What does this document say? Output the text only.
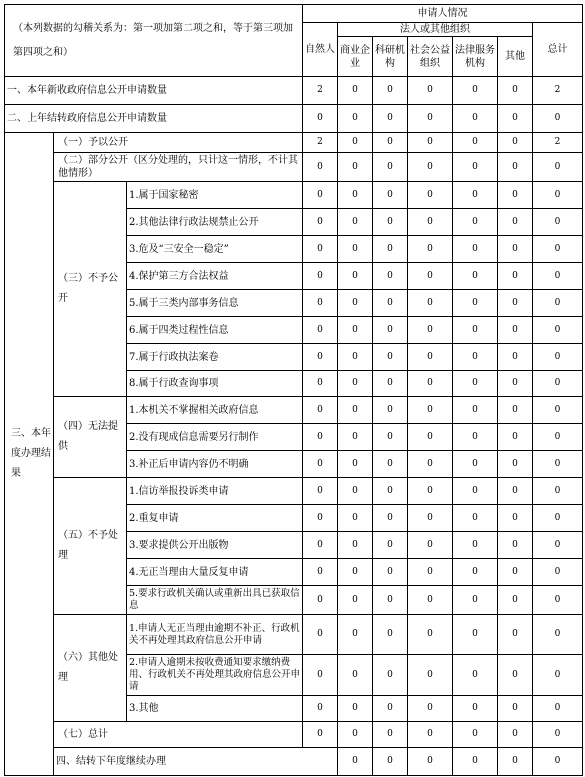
（本列数据的勾稽关系为：第一项加第二项之和，等于第三项加第四项之和）			申请人情况							
			自然人	法人或其他组织					总计	
				商业企业	科研机构	社会公益组织	法律服务机构	其他		
一、本年新收政府信息公开申请数量			2	0	0	0	0	0	2	
二、上年结转政府信息公开申请数量			0	0	0	0	0	0	0	
三、本年度办理结果	（一）予以公开		2	0	0	0	0	0	2	
	（二）部分公开（区分处理的，只计这一情形，不计其他情形）		0	0	0	0	0	0	0	
	（三）不予公开	1.属于国家秘密	0	0	0	0	0	0	0	
		2.其他法律行政法规禁止公开	0	0	0	0	0	0	0	
		3.危及“三安全一稳定”	0	0	0	0	0	0	0	
		4.保护第三方合法权益	0	0	0	0	0	0	0	
		5.属于三类内部事务信息	0	0	0	0	0	0	0	
		6.属于四类过程性信息	0	0	0	0	0	0	0	
		7.属于行政执法案卷	0	0	0	0	0	0	0	
		8.属于行政查询事项	0	0	0	0	0	0	0	
	（四）无法提供	1.本机关不掌握相关政府信息	0	0	0	0	0	0	0	
		2.没有现成信息需要另行制作	0	0	0	0	0	0	0	
		3.补正后申请内容仍不明确	0	0	0	0	0	0	0	
	（五）不予处理	1.信访举报投诉类申请	0	0	0	0	0	0	0	
		2.重复申请	0	0	0	0	0	0	0	
		3.要求提供公开出版物	0	0	0	0	0	0	0	
		4.无正当理由大量反复申请	0	0	0	0	0	0	0	
		5.要求行政机关确认或重新出具已获取信息	0	0	0	0	0	0	0	
	（六）其他处理	1.申请人无正当理由逾期不补正、行政机关不再处理其政府信息公开申请	0	0	0	0	0	0	0	
		2.申请人逾期未按收费通知要求缴纳费用、行政机关不再处理其政府信息公开申请	0	0	0	0	0	0	0	
		3.其他	0	0	0	0	0	0	0	
	（七）总计		0	0	0	0	0	0	0	
	四、结转下年度继续办理			0	0	0	0	0	0	
